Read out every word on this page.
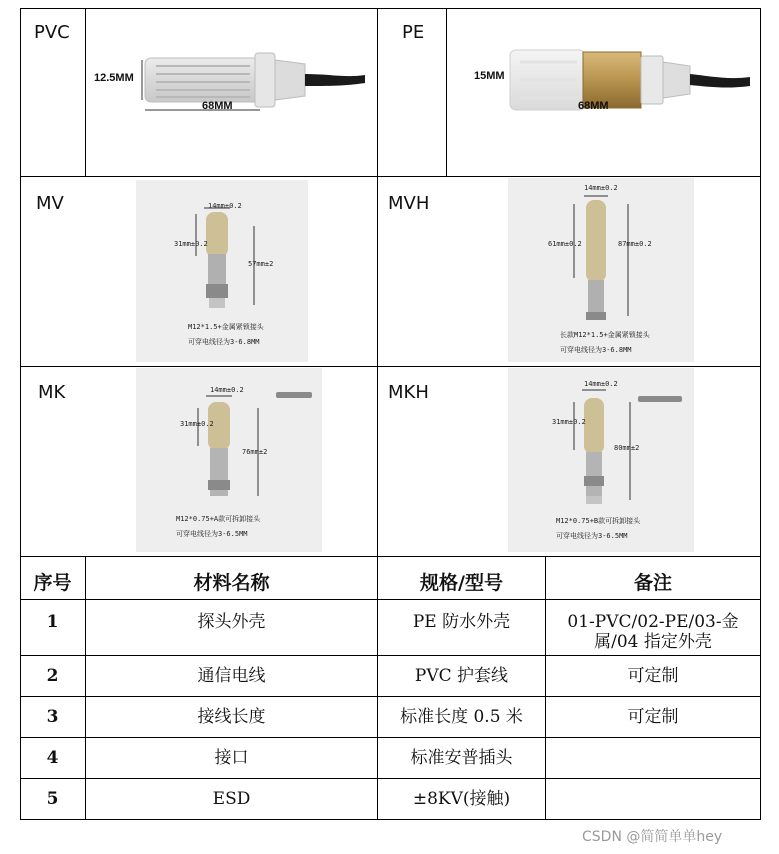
PVC
12.5MM
68MM
PE
15MM
68MM
MV	14mm±0.2
31mm±0.2
57mm±2
M12*1.5+金属紧锁接头
可穿电线径为3-6.8MM
MVH
14mm±0.2
61mm±0.2	87mm±0.2
长款M12*1.5+金属紧锁接头
可穿电线径为3-6.8MM
MK	14mm±0.2
31mm±0.2
76mm±2
M12*0.75+A款可拆卸接头
可穿电线径为3-6.5MM
MKH	14mm±0.2
31mm±0.2
80mm±2
M12*0.75+B款可拆卸接头
可穿电线径为3-6.5MM
序号	材料名称	规格/型号	备注
1	探头外壳	PE 防水外壳	01-PVC/02-PE/03-金
属/04 指定外壳
2	通信电线	PVC 护套线	可定制
3	接线长度	标准长度 0.5 米	可定制
4	接口	标准安普插头
5	ESD	±8KV(接触)
CSDN @简简单单hey
